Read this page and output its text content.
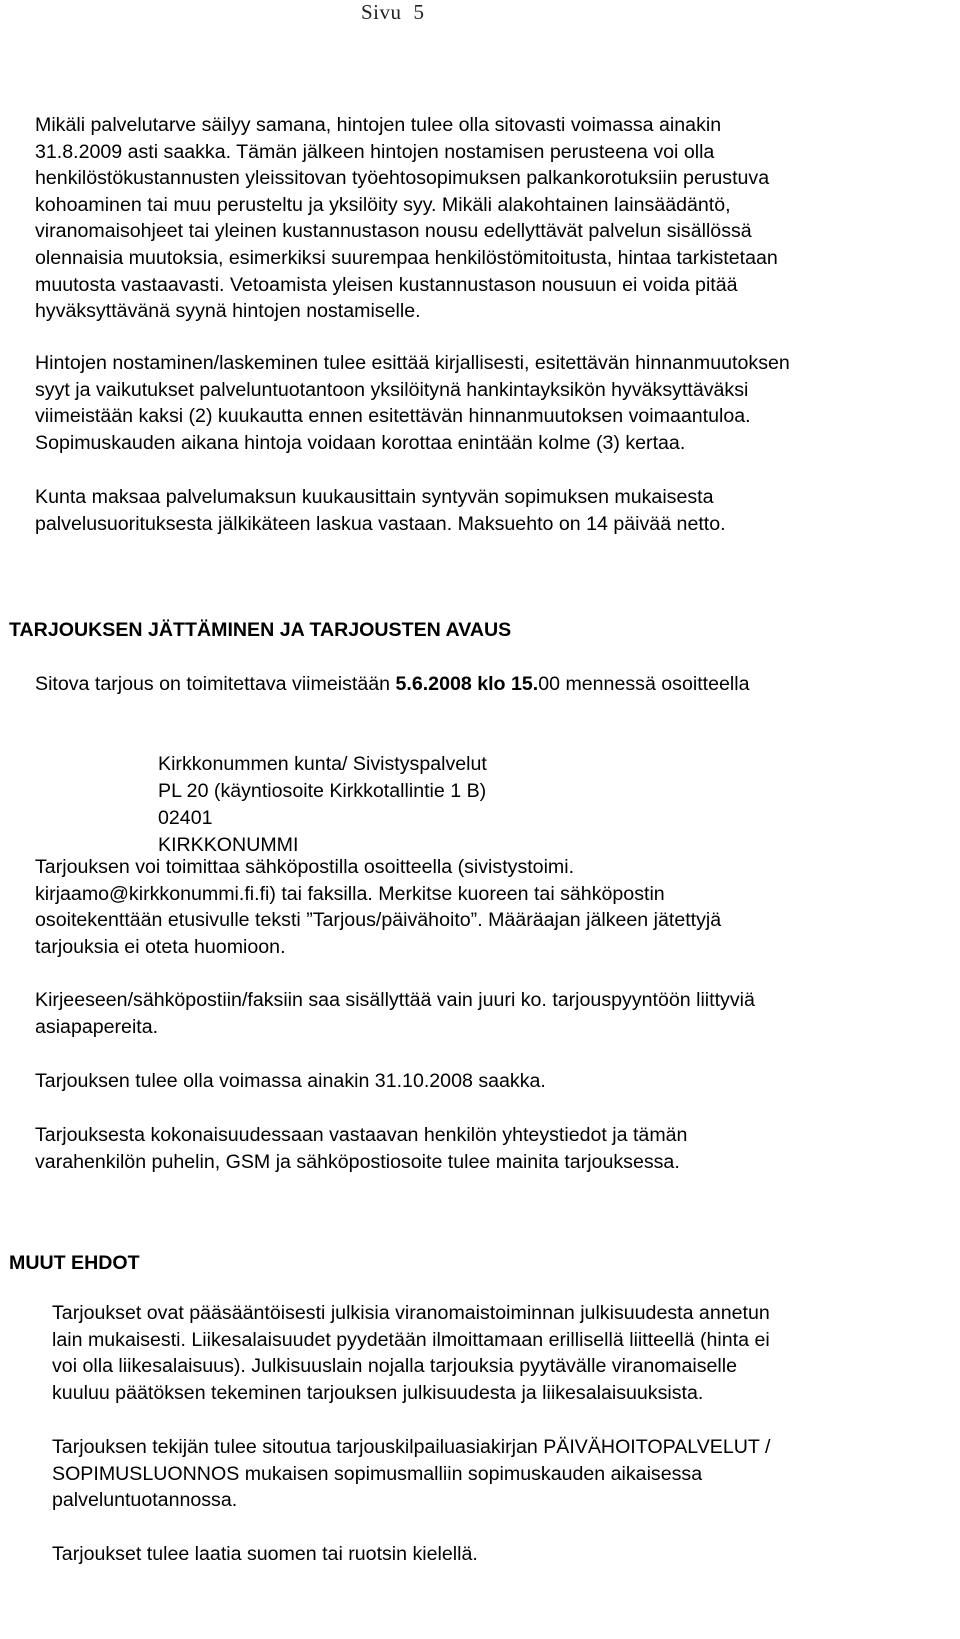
Sivu 5
Mikäli palvelutarve säilyy samana, hintojen tulee olla sitovasti voimassa ainakin
31.8.2009 asti saakka. Tämän jälkeen hintojen nostamisen perusteena voi olla
henkilöstökustannusten yleissitovan työehtosopimuksen palkankorotuksiin perustuva
kohoaminen tai muu perusteltu ja yksilöity syy. Mikäli alakohtainen lainsäädäntö,
viranomaisohjeet tai yleinen kustannustason nousu edellyttävät palvelun sisällössä
olennaisia muutoksia, esimerkiksi suurempaa henkilöstömitoitusta, hintaa tarkistetaan
muutosta vastaavasti. Vetoamista yleisen kustannustason nousuun ei voida pitää
hyväksyttävänä syynä hintojen nostamiselle.
Hintojen nostaminen/laskeminen tulee esittää kirjallisesti, esitettävän hinnanmuutoksen
syyt ja vaikutukset palveluntuotantoon yksilöitynä hankintayksikön hyväksyttäväksi
viimeistään kaksi (2) kuukautta ennen esitettävän hinnanmuutoksen voimaantuloa.
Sopimuskauden aikana hintoja voidaan korottaa enintään kolme (3) kertaa.
Kunta maksaa palvelumaksun kuukausittain syntyvän sopimuksen mukaisesta
palvelusuorituksesta jälkikäteen laskua vastaan. Maksuehto on 14 päivää netto.
TARJOUKSEN JÄTTÄMINEN JA TARJOUSTEN AVAUS
Sitova tarjous on toimitettava viimeistään 5.6.2008 klo 15.00 mennessä osoitteella
Kirkkonummen kunta/ Sivistyspalvelut
PL 20 (käyntiosoite Kirkkotallintie 1 B)
02401
KIRKKONUMMI
Tarjouksen voi toimittaa sähköpostilla osoitteella (sivistystoimi.
kirjaamo@kirkkonummi.fi.fi) tai faksilla. Merkitse kuoreen tai sähköpostin
osoitekenttään etusivulle teksti ”Tarjous/päivähoito”. Määräajan jälkeen jätettyjä
tarjouksia ei oteta huomioon.
Kirjeeseen/sähköpostiin/faksiin saa sisällyttää vain juuri ko. tarjouspyyntöön liittyviä
asiapapereita.
Tarjouksen tulee olla voimassa ainakin 31.10.2008 saakka.
Tarjouksesta kokonaisuudessaan vastaavan henkilön yhteystiedot ja tämän
varahenkilön puhelin, GSM ja sähköpostiosoite tulee mainita tarjouksessa.
MUUT EHDOT
Tarjoukset ovat pääsääntöisesti julkisia viranomaistoiminnan julkisuudesta annetun
lain mukaisesti. Liikesalaisuudet pyydetään ilmoittamaan erillisellä liitteellä (hinta ei
voi olla liikesalaisuus). Julkisuuslain nojalla tarjouksia pyytävälle viranomaiselle
kuuluu päätöksen tekeminen tarjouksen julkisuudesta ja liikesalaisuuksista.
Tarjouksen tekijän tulee sitoutua tarjouskilpailuasiakirjan PÄIVÄHOITOPALVELUT /
SOPIMUSLUONNOS mukaisen sopimusmalliin sopimuskauden aikaisessa
palveluntuotannossa.
Tarjoukset tulee laatia suomen tai ruotsin kielellä.
